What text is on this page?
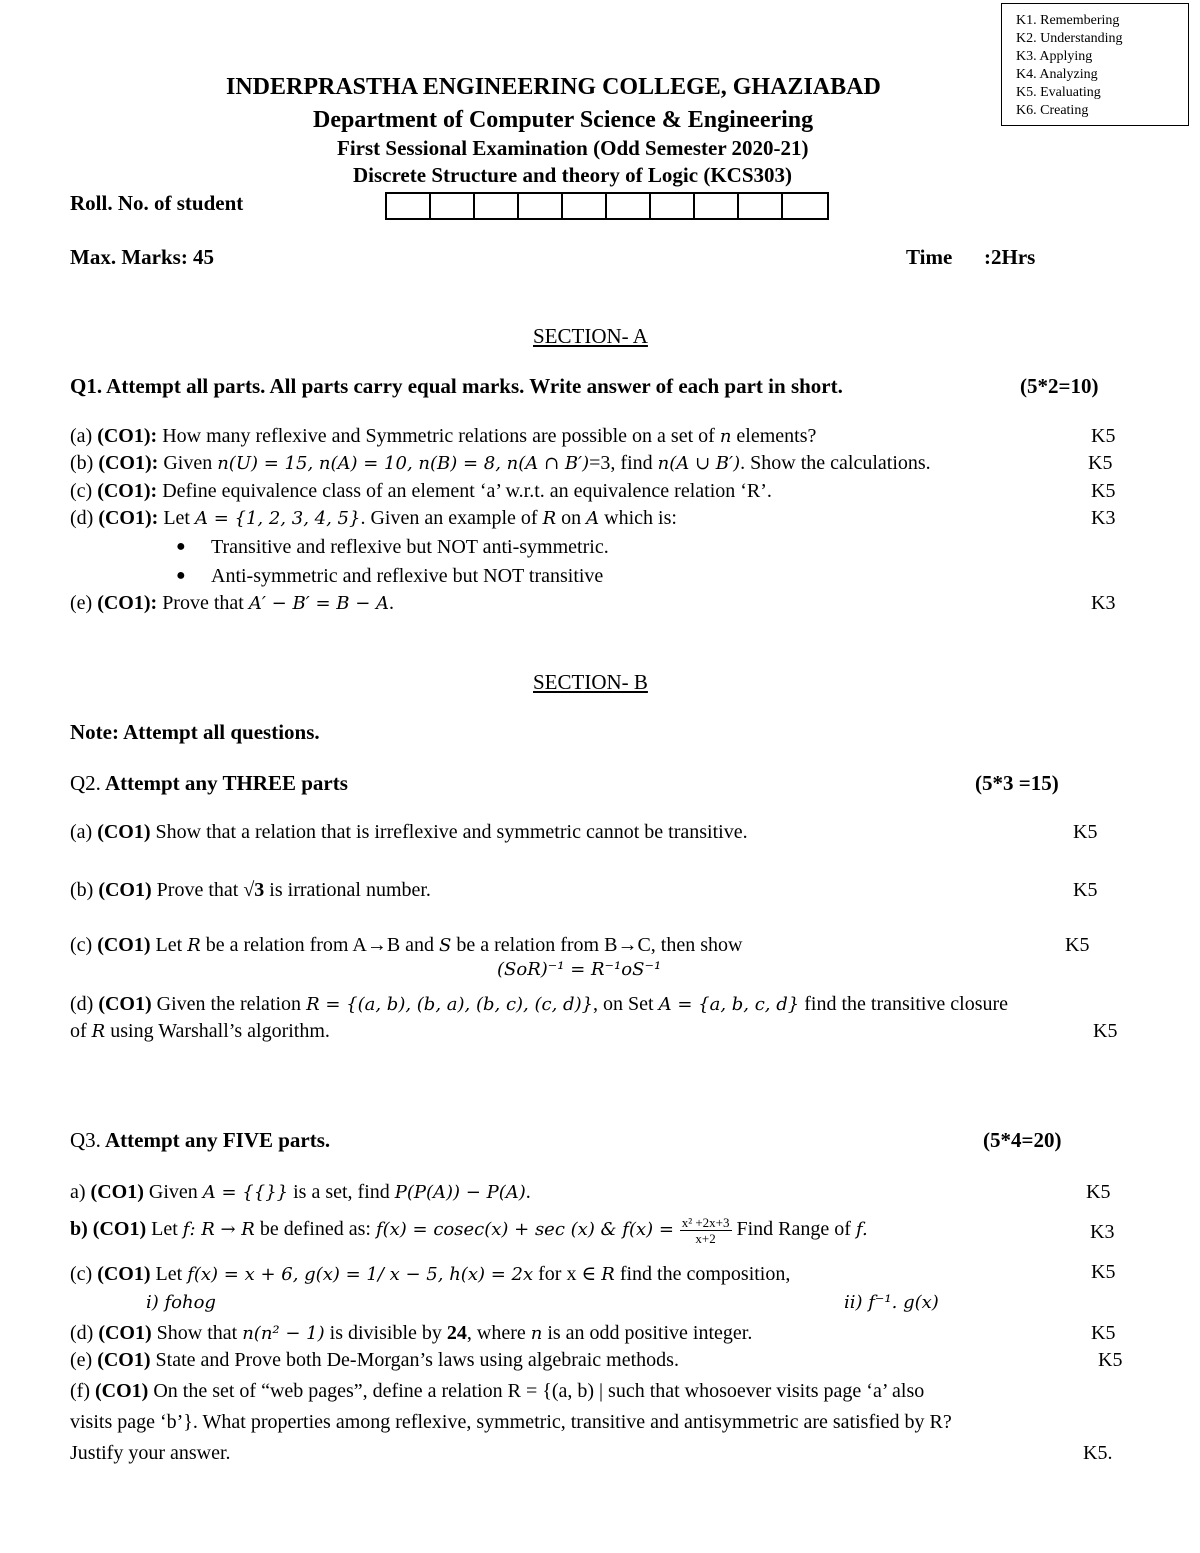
K1. Remembering
K2. Understanding
K3. Applying
K4. Analyzing
K5. Evaluating
K6. Creating
INDERPRASTHA ENGINEERING COLLEGE, GHAZIABAD
Department of Computer Science & Engineering
First Sessional Examination (Odd Semester 2020-21)
Discrete Structure and theory of Logic (KCS303)
Roll. No. of student
Max. Marks: 45	Time :2Hrs
SECTION- A
Q1. Attempt all parts. All parts carry equal marks. Write answer of each part in short.	(5*2=10)
(a) (CO1): How many reflexive and Symmetric relations are possible on a set of n elements?	K5
(b) (CO1): Given n(U) = 15, n(A) = 10, n(B) = 8, n(A ∩ B′)=3, find n(A ∪ B′). Show the calculations.	K5
(c) (CO1): Define equivalence class of an element ‘a’ w.r.t. an equivalence relation ‘R’.	K5
(d) (CO1): Let A = {1, 2, 3, 4, 5}. Given an example of R on A which is:	K3
● Transitive and reflexive but NOT anti-symmetric.
● Anti-symmetric and reflexive but NOT transitive
(e) (CO1): Prove that A′ − B′ = B − A.	K3
SECTION- B
Note: Attempt all questions.
Q2. Attempt any THREE parts	(5*3 =15)
(a) (CO1) Show that a relation that is irreflexive and symmetric cannot be transitive.	K5
(b) (CO1) Prove that √3 is irrational number.	K5
(c) (CO1) Let R be a relation from A→B and S be a relation from B→C, then show	K5
(SoR)⁻¹ = R⁻¹oS⁻¹
(d) (CO1) Given the relation R = {(a, b), (b, a), (b, c), (c, d)}, on Set A = {a, b, c, d} find the transitive closure
of R using Warshall’s algorithm.	K5
Q3. Attempt any FIVE parts.	(5*4=20)
a) (CO1) Given A = {{}} is a set, find P(P(A)) − P(A).	K5
b) (CO1) Let f: R → R be defined as: f(x) = cosec(x) + sec (x) & $f(x) = \frac{\text{x² +2x+3}}{x+2}$ Find Range of f.	K3
(c) (CO1) Let f(x) = x + 6, g(x) = 1/ x − 5, h(x) = 2x for x ∈ R find the composition,	K5
i) fohog	ii) f⁻¹. g(x)
(d) (CO1) Show that n(n² − 1) is divisible by 24, where n is an odd positive integer.	K5
(e) (CO1) State and Prove both De-Morgan’s laws using algebraic methods.	K5
(f) (CO1) On the set of “web pages”, define a relation R = {(a, b) | such that whosoever visits page ‘a’ also
visits page ‘b’}. What properties among reflexive, symmetric, transitive and antisymmetric are satisfied by R?
Justify your answer.	K5.
